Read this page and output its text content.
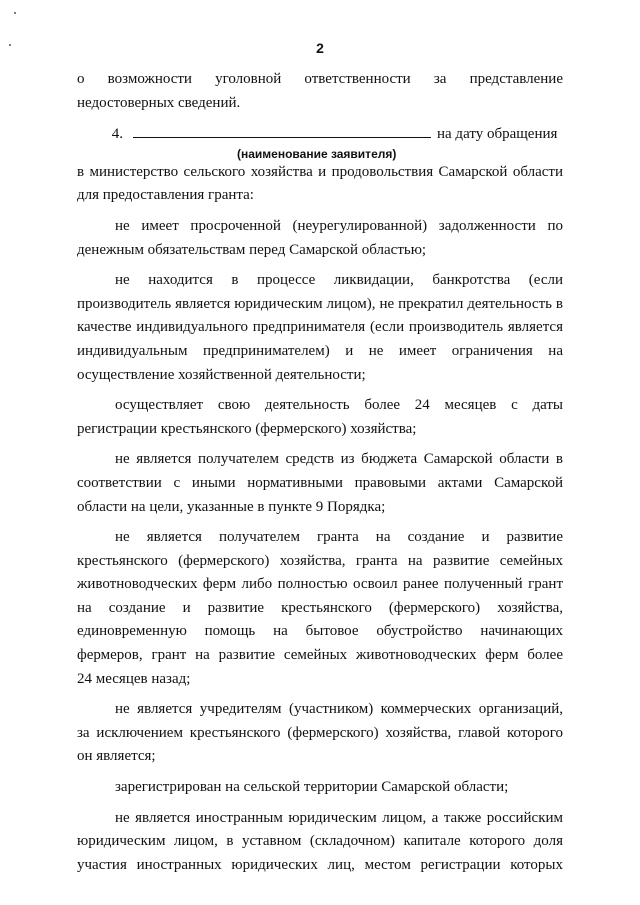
2

о возможности уголовной ответственности за представление

недостоверных сведений.

4.	на дату обращения

(наименование заявителя)

в министерство сельского хозяйства и продовольствия Самарской области

для предоставления гранта:

не имеет просроченной (неурегулированной) задолженности по

денежным обязательствам перед Самарской областью;

не находится в процессе ликвидации, банкротства (если

производитель является юридическим лицом), не прекратил деятельность в

качестве индивидуального предпринимателя (если производитель является

индивидуальным предпринимателем) и не имеет ограничения на

осуществление хозяйственной деятельности;

осуществляет свою деятельность более 24 месяцев с даты

регистрации крестьянского (фермерского) хозяйства;

не является получателем средств из бюджета Самарской области в

соответствии с иными нормативными правовыми актами Самарской

области на цели, указанные в пункте 9 Порядка;

не является получателем гранта на создание и развитие

крестьянского (фермерского) хозяйства, гранта на развитие семейных

животноводческих ферм либо полностью освоил ранее полученный грант

на создание и развитие крестьянского (фермерского) хозяйства,

единовременную помощь на бытовое обустройство начинающих

фермеров, грант на развитие семейных животноводческих ферм более

24 месяцев назад;

не является учредителям (участником) коммерческих организаций,

за исключением крестьянского (фермерского) хозяйства, главой которого

он является;

зарегистрирован на сельской территории Самарской области;

не является иностранным юридическим лицом, а также российским

юридическим лицом, в уставном (складочном) капитале которого доля

участия иностранных юридических лиц, местом регистрации которых
